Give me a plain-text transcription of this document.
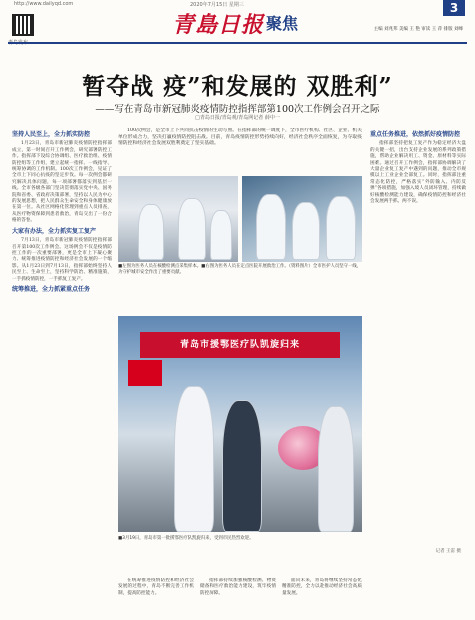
http://www.dailyqd.com	2020年7月15日 星期三
青島日报 聚焦
3
主编 刘兆邦 美编 王 艳 审读 王 萍 排版 刘峰
暂夺战 疫”和发展的 双胜利”
——写在青岛市新冠肺炎疫情防控指挥部第100次工作例会召开之际
□青岛日报/青岛观/青岛网记者 薛中一
坚持人民至上，全力抓实防控

1月23日，青岛市新冠肺炎疫情防控指挥部成立，第一时间召开工作例会，研究部署防控工作。指挥部下设综合协调组、医疗救治组、疫情防控组等工作组，建立起统一指挥、一线指导、统筹协调的工作机制。100次工作例会，见证了全市上下同心抗疫的坚定步伐。每一次例会都研究解决具体问题，每一项部署都落实到基层一线。全市各级各部门坚决贯彻落实党中央、国务院和省委、省政府决策部署，坚持以人民为中心的发展思想，把人民群众生命安全和身体健康放在第一位。从社区网格化管理到重点人员排查，从医疗物资保障到患者救治，青岛交出了一份合格的答卷。

大家有办法，全力抓实复工复产

7月13日，青岛市新冠肺炎疫情防控指挥部召开第100次工作例会。这场例会不仅是疫情防控工作的一次重要部署，更是全市上下凝心聚力、统筹推进疫情防控和经济社会发展的一个缩影。从1月23日到7月13日，指挥部始终坚持人民至上、生命至上，坚持科学防治、精准施策，一手抓疫情防控，一手抓复工复产。

统筹推进，全力抓紧重点任务
重点任务推进，依然抓好疫情防控

指挥部坚持把复工复产作为稳定经济大盘的关键一招，出台支持企业发展的系列政策措施，帮助企业解决用工、资金、原材料等实际困难。通过召开工作例会，指挥部协调解决了大量企业复工复产中遇到的问题，推动全市规模以上工业企业全部复工。同时，指挥部注重常态化防控，严格落实“外防输入、内防反弹”各项措施，加强入境人员闭环管理，持续做好核酸检测能力建设，确保疫情防控和经济社会发展两手抓、两不误。

100次例会，是全市上下共同抗击疫情的生动写照。在指挥部的统一调度下，全市医疗机构、社区、企业、机关单位形成合力，坚决打赢疫情防控阻击战。目前，青岛疫情防控形势持续向好，经济社会秩序全面恢复，为夺取疫情防控和经济社会发展双胜利奠定了坚实基础。

■左图为医务人员在核酸检测点采集样本。■右图为医务人员在定点医院开展救治工作。（资料图片）全市医护人员坚守一线，为守护城市安全作出了重要贡献。
青岛市援鄂医疗队凯旋归来
■3月19日，青岛市第一批援鄂医疗队凯旋归来，受到市民热烈欢迎。
记者 王雷 摄

在统筹推进疫情防控和经济社会发展的过程中，青岛不断完善工作机制，提高防控能力。

指挥部持续加强核酸检测、物资储备和医疗救治能力建设，筑牢疫情防控屏障。

面向未来，青岛将继续坚持常态化精准防控，全力以赴推动经济社会高质量发展。
